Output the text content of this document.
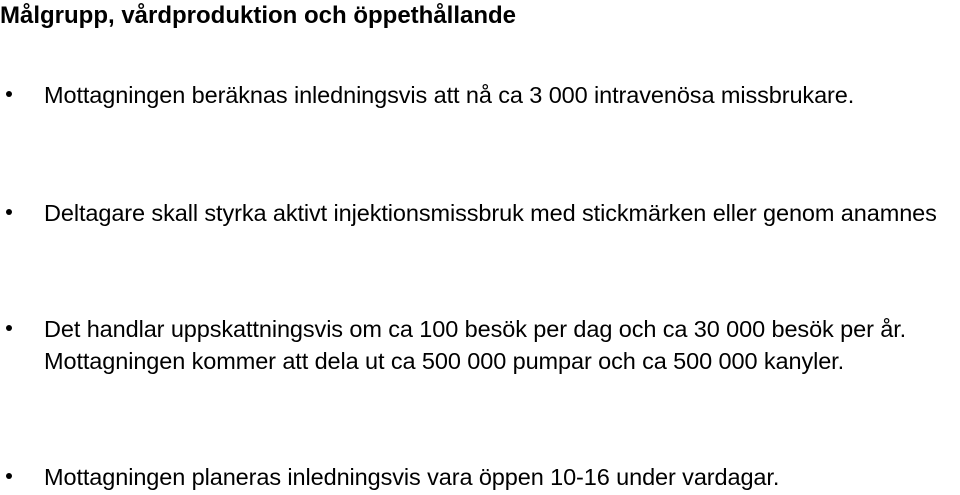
Målgrupp, vårdproduktion och öppethållande
Mottagningen beräknas inledningsvis att nå ca 3 000 intravenösa missbrukare.
Deltagare skall styrka aktivt injektionsmissbruk med stickmärken eller genom anamnes
Det handlar uppskattningsvis om ca 100 besök per dag och ca 30 000 besök per år. Mottagningen kommer att dela ut ca 500 000 pumpar och ca 500 000 kanyler.
Mottagningen planeras inledningsvis vara öppen 10-16 under vardagar.
